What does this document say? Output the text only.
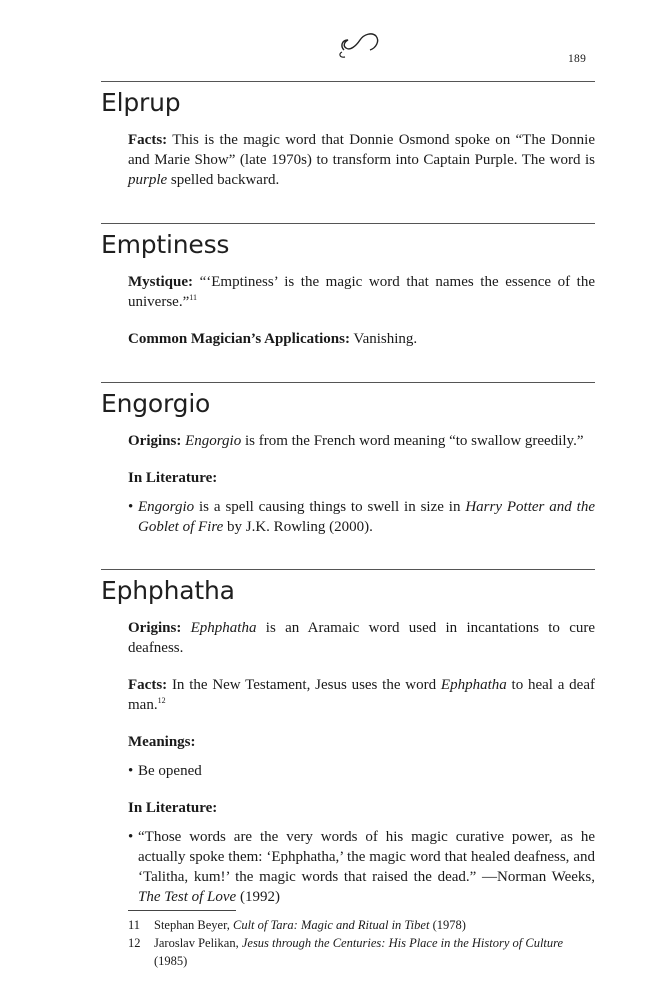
189
Elprup

Facts: This is the magic word that Donnie Osmond spoke on “The Donnie and Marie Show” (late 1970s) to transform into Captain Purple. The word is purple spelled backward.

Emptiness

Mystique: “‘Emptiness’ is the magic word that names the essence of the universe.”$^{11}$

Common Magician’s Applications: Vanishing.

Engorgio

Origins: Engorgio is from the French word meaning “to swallow greedily.”

In Literature:
• Engorgio is a spell causing things to swell in size in Harry Potter and the Goblet of Fire by J.K. Rowling (2000).
Ephphatha

Origins: Ephphatha is an Aramaic word used in incantations to cure deafness.

Facts: In the New Testament, Jesus uses the word Ephphatha to heal a deaf man.$^{12}$

Meanings:
• Be opened
In Literature:
• “Those words are the very words of his magic curative power, as he actually spoke them: ‘Ephphatha,’ the magic word that healed deafness, and ‘Talitha, kum!’ the magic words that raised the dead.” —Norman Weeks, The Test of Love (1992)
11	Stephan Beyer, Cult of Tara: Magic and Ritual in Tibet (1978)
12	Jaroslav Pelikan, Jesus through the Centuries: His Place in the History of Culture (1985)
